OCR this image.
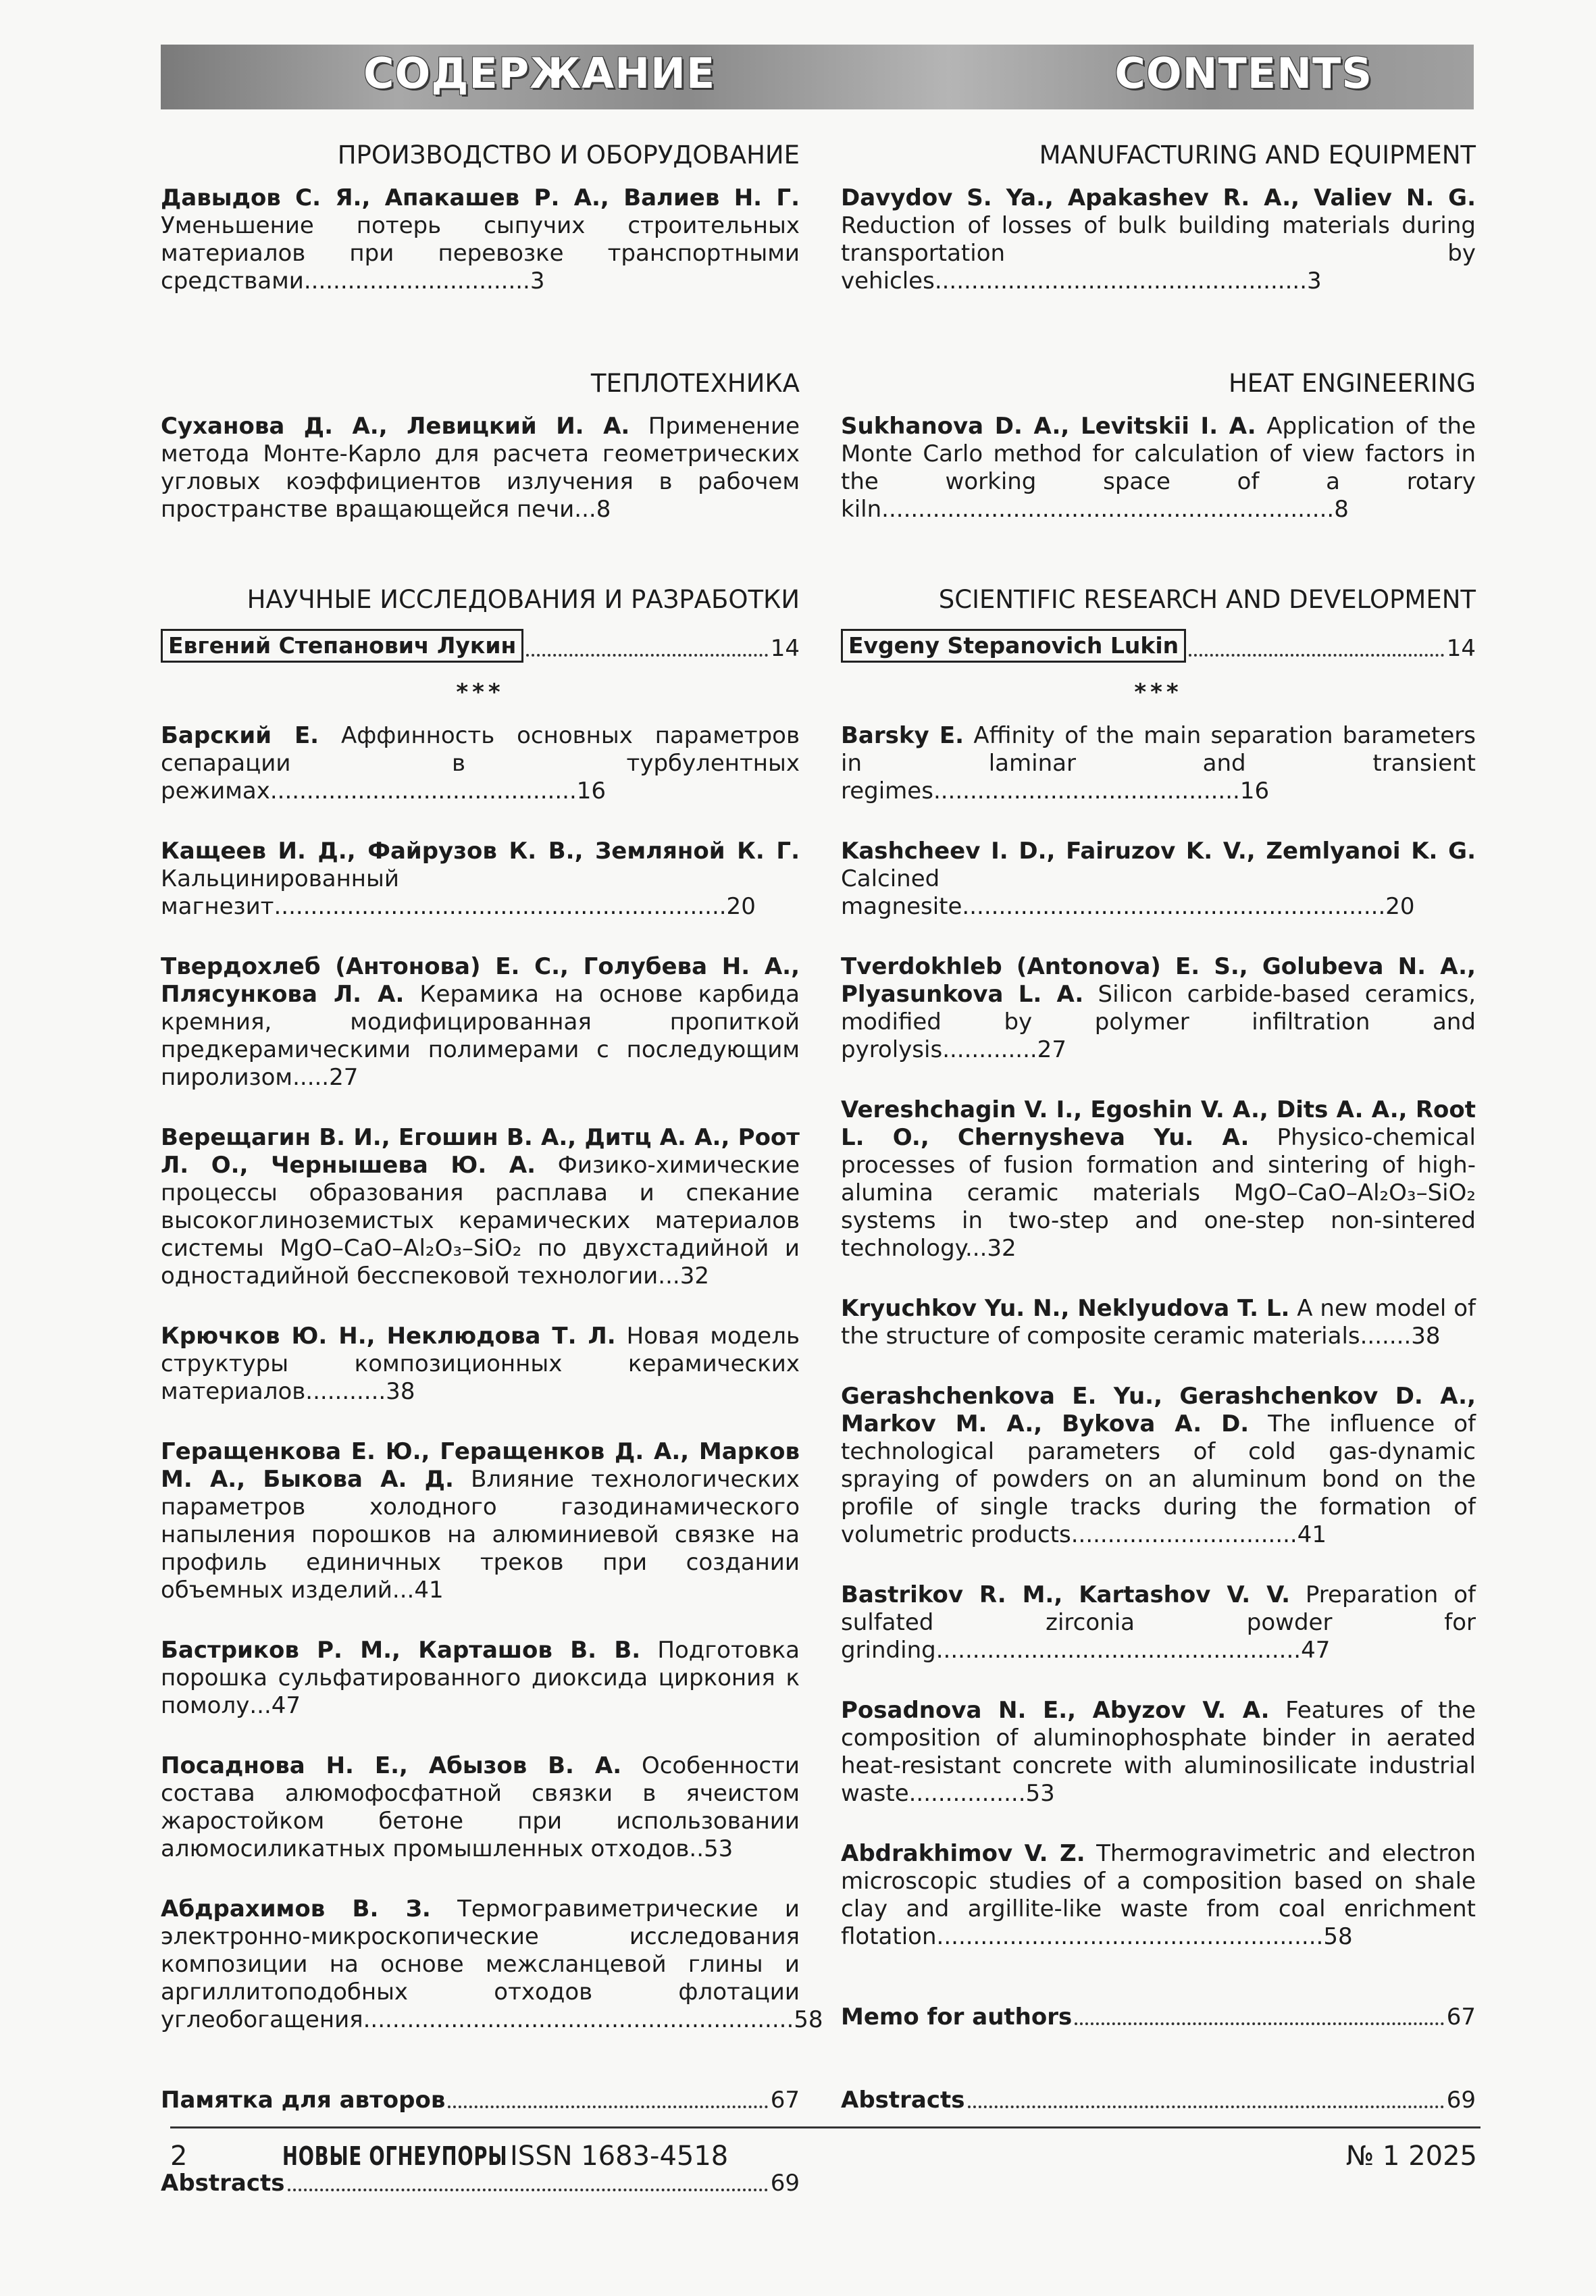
СОДЕРЖАНИЕ	CONTENTS

ПРОИЗВОДСТВО И ОБОРУДОВАНИЕ

Давыдов С. Я., Апакашев Р. А., Валиев Н. Г. Уменьшение потерь сыпучих строительных материалов при перевозке транспортными средствами...............................3

ТЕПЛОТЕХНИКА

Суханова Д. А., Левицкий И. А. Применение метода Монте-Карло для расчета геометрических угловых коэффициентов излучения в рабочем пространстве вращающейся печи...8

НАУЧНЫЕ ИССЛЕДОВАНИЯ И РАЗРАБОТКИ

Евгений Степанович Лукин	14

***

Барский Е. Аффинность основных параметров сепарации в турбулентных режимах..........................................16

Кащеев И. Д., Файрузов К. В., Земляной К. Г. Кальцинированный магнезит..............................................................20

Твердохлеб (Антонова) Е. С., Голубева Н. А., Плясункова Л. А. Керамика на основе карбида кремния, модифицированная пропиткой предкерамическими полимерами с последующим пиролизом.....27

Верещагин В. И., Егошин В. А., Дитц А. А., Роот Л. О., Чернышева Ю. А. Физико-химические процессы образования расплава и спекание высокоглиноземистых керамических материалов системы MgO–CaO–Al₂O₃–SiO₂ по двухстадийной и одностадийной бесспековой технологии...32

Крючков Ю. Н., Неклюдова Т. Л. Новая модель структуры композиционных керамических материалов...........38

Геращенкова Е. Ю., Геращенков Д. А., Марков М. А., Быкова А. Д. Влияние технологических параметров холодного газодинамического напыления порошков на алюминиевой связке на профиль единичных треков при создании объемных изделий...41

Бастриков Р. М., Карташов В. В. Подготовка порошка сульфатированного диоксида циркония к помолу...47

Посаднова Н. Е., Абызов В. А. Особенности состава алюмофосфатной связки в ячеистом жаростойком бетоне при использовании алюмосиликатных промышленных отходов..53

Абдрахимов В. З. Термогравиметрические и электронно-микроскопические исследования композиции на основе межсланцевой глины и аргиллитоподобных отходов флотации углеобогащения...........................................................58

Памятка для авторов	67
Abstracts	69

MANUFACTURING AND EQUIPMENT

Davydov S. Ya., Apakashev R. A., Valiev N. G. Reduction of losses of bulk building materials during transportation by vehicles...................................................3

HEAT ENGINEERING

Sukhanova D. A., Levitskii I. A. Application of the Monte Carlo method for calculation of view factors in the working space of a rotary kiln..............................................................8

SCIENTIFIC RESEARCH AND DEVELOPMENT

Evgeny Stepanovich Lukin	14

***

Barsky E. Affinity of the main separation barameters in laminar and transient regimes..........................................16

Kashcheev I. D., Fairuzov K. V., Zemlyanoi K. G. Calcined magnesite..........................................................20

Tverdokhleb (Antonova) E. S., Golubeva N. A., Plyasunkova L. A. Silicon carbide-based ceramics, modified by polymer infiltration and pyrolysis.............27

Vereshchagin V. I., Egoshin V. A., Dits A. A., Root L. O., Chernysheva Yu. A. Physico-chemical processes of fusion formation and sintering of high-alumina ceramic materials MgO–CaO–Al₂O₃–SiO₂ systems in two-step and one-step non-sintered technology...32

Kryuchkov Yu. N., Neklyudova T. L. A new model of the structure of composite ceramic materials.......38

Gerashchenkova E. Yu., Gerashchenkov D. A., Markov M. A., Bykova A. D. The influence of technological parameters of cold gas-dynamic spraying of powders on an aluminum bond on the profile of single tracks during the formation of volumetric products...............................41

Bastrikov R. M., Kartashov V. V. Preparation of sulfated zirconia powder for grinding..................................................47

Posadnova N. E., Abyzov V. A. Features of the composition of aluminophosphate binder in aerated heat-resistant concrete with aluminosilicate industrial waste................53

Abdrakhimov V. Z. Thermogravimetric and electron microscopic studies of a composition based on shale clay and argillite-like waste from coal enrichment flotation.....................................................58

Memo for authors	67
Abstracts	69
2	НОВЫЕ ОГНЕУПОРЫ ISSN 1683-4518	№ 1 2025
